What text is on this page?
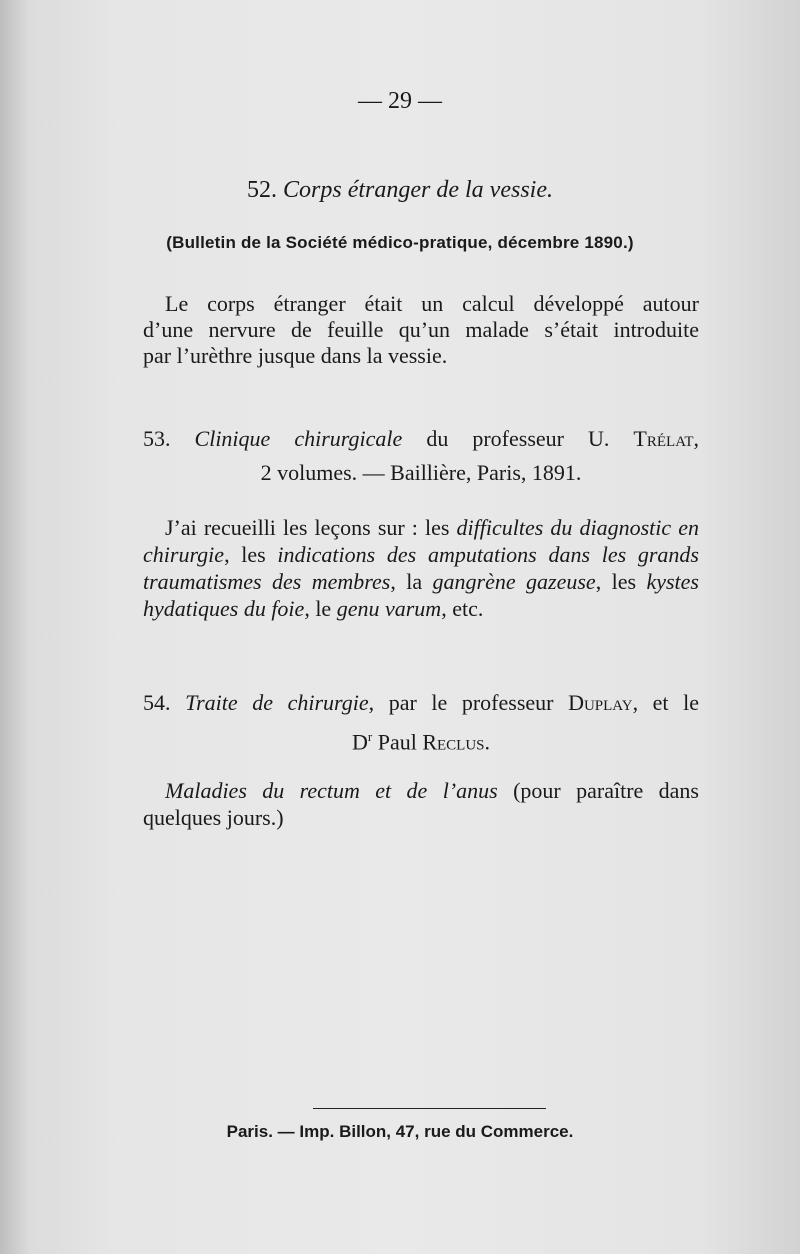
— 29 —
52. Corps étranger de la vessie.
(Bulletin de la Société médico-pratique, décembre 1890.)
Le corps étranger était un calcul développé autour
d’une nervure de feuille qu’un malade s’était introduite
par l’urèthre jusque dans la vessie.
53. Clinique chirurgicale du professeur U. Trélat,
2 volumes. — Baillière, Paris, 1891.
J’ai recueilli les leçons sur : les difficultes du diagnostic en chirurgie, les indications des amputations dans les grands traumatismes des membres, la gangrène gazeuse, les kystes hydatiques du foie, le genu varum, etc.
54. Traite de chirurgie, par le professeur Duplay, et le
$D^r$ Paul Reclus.
Maladies du rectum et de l’anus (pour paraître dans quelques jours.)
Paris. — Imp. Billon, 47, rue du Commerce.
